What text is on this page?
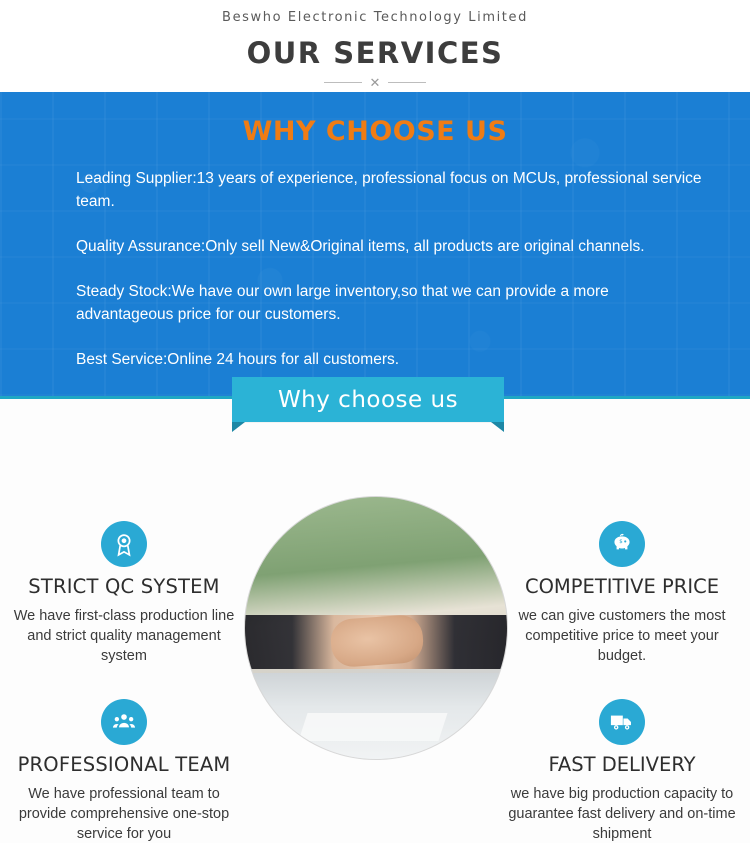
Beswho Electronic Technology Limited
OUR SERVICES
✕
WHY CHOOSE US

Leading Supplier:13 years of experience, professional focus on MCUs, professional service team.

Quality Assurance:Only sell New&Original items, all products are original channels.

Steady Stock:We have our own large inventory,so that we can provide a more advantageous price for our customers.

Best Service:Online 24 hours for all customers.

Why choose us
STRICT QC SYSTEM
We have first-class production line and strict quality management system
$
COMPETITIVE PRICE
we can give customers the most competitive price to meet your budget.
PROFESSIONAL TEAM
We have professional team to provide comprehensive one-stop service for you
FAST DELIVERY
we have big production capacity to guarantee fast delivery and on-time shipment
